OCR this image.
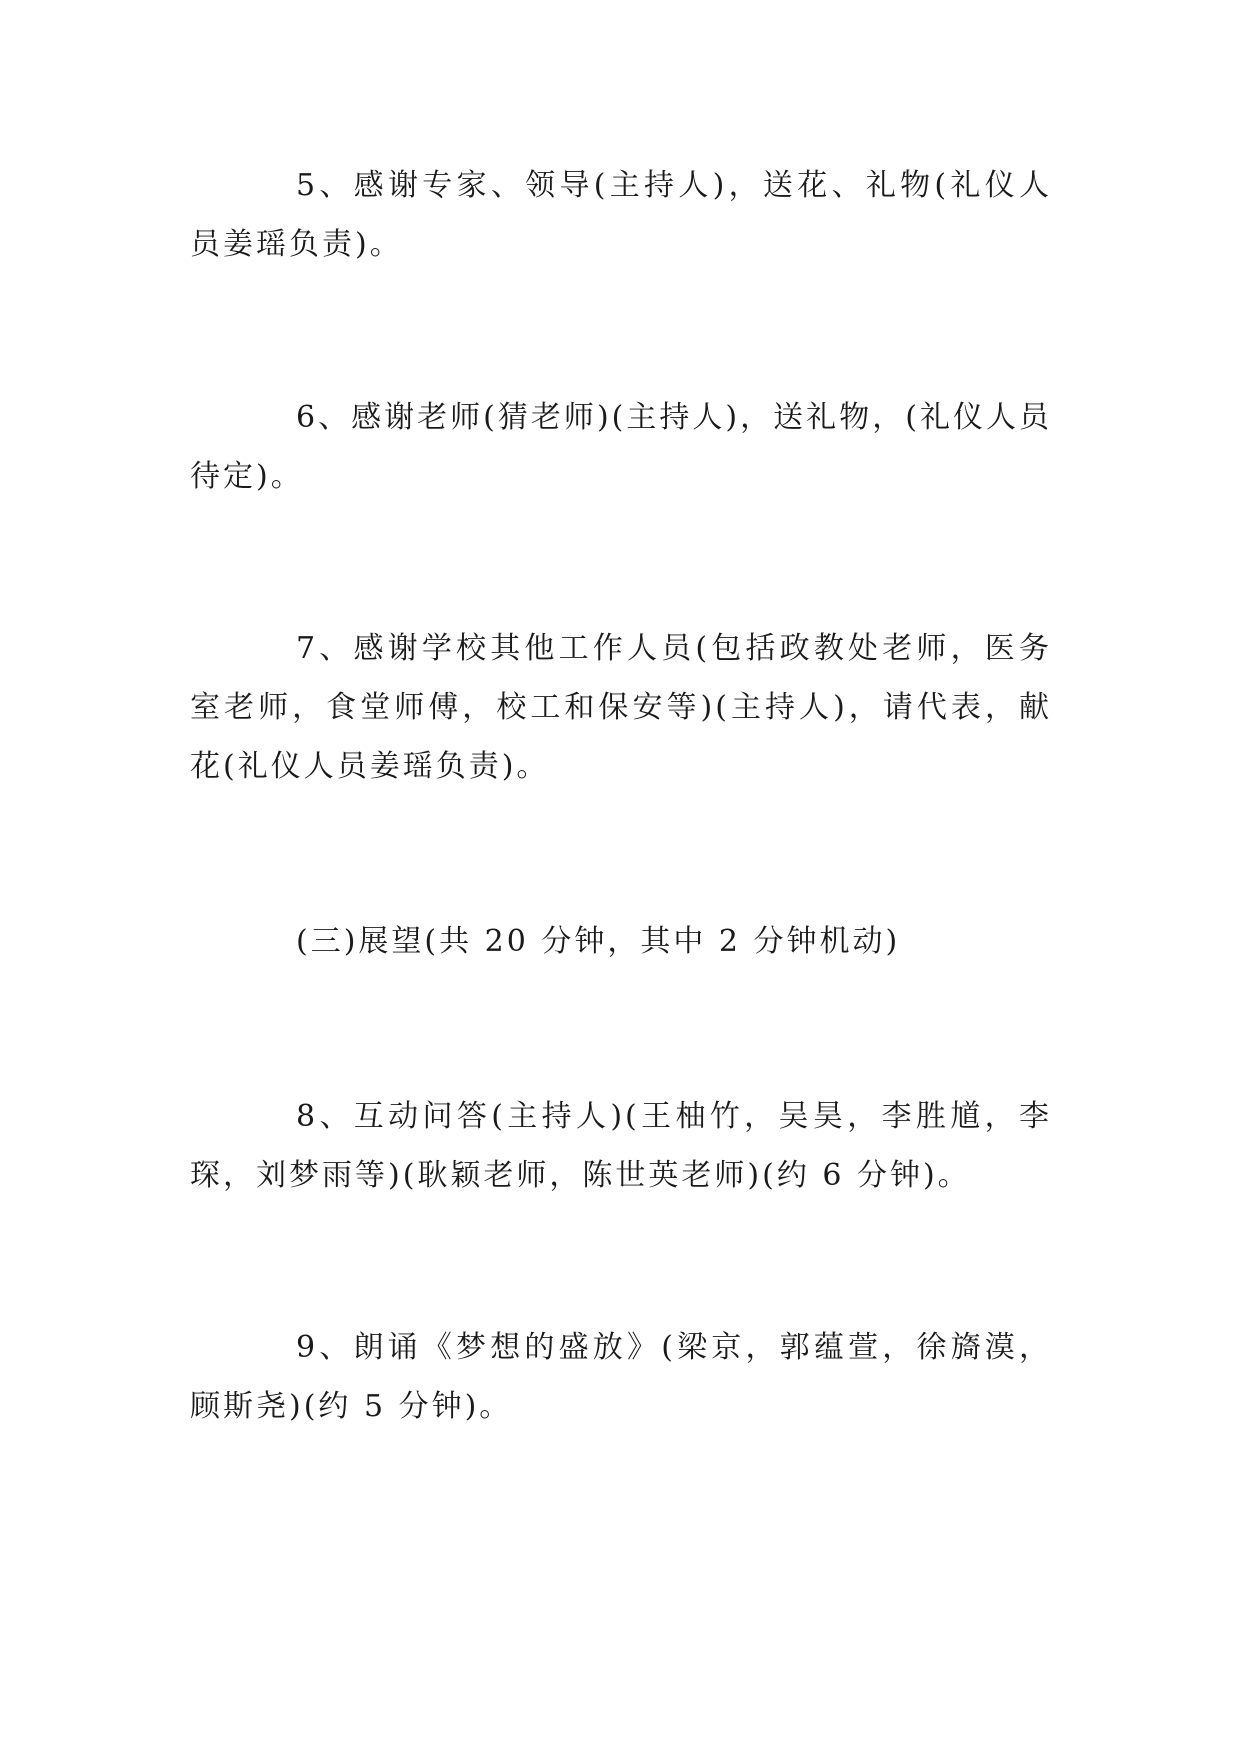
5、感谢专家、领导(主持人)，送花、礼物(礼仪人员姜瑶负责)。

6、感谢老师(猜老师)(主持人)，送礼物，(礼仪人员待定)。

7、感谢学校其他工作人员(包括政教处老师，医务室老师，食堂师傅，校工和保安等)(主持人)，请代表，献花(礼仪人员姜瑶负责)。

(三)展望(共 20 分钟，其中 2 分钟机动)

8、互动问答(主持人)(王柚竹，吴昊，李胜馗，李琛，刘梦雨等)(耿颖老师，陈世英老师)(约 6 分钟)。

9、朗诵《梦想的盛放》(梁京，郭蕴萱，徐旖漠，顾斯尧)(约 5 分钟)。
